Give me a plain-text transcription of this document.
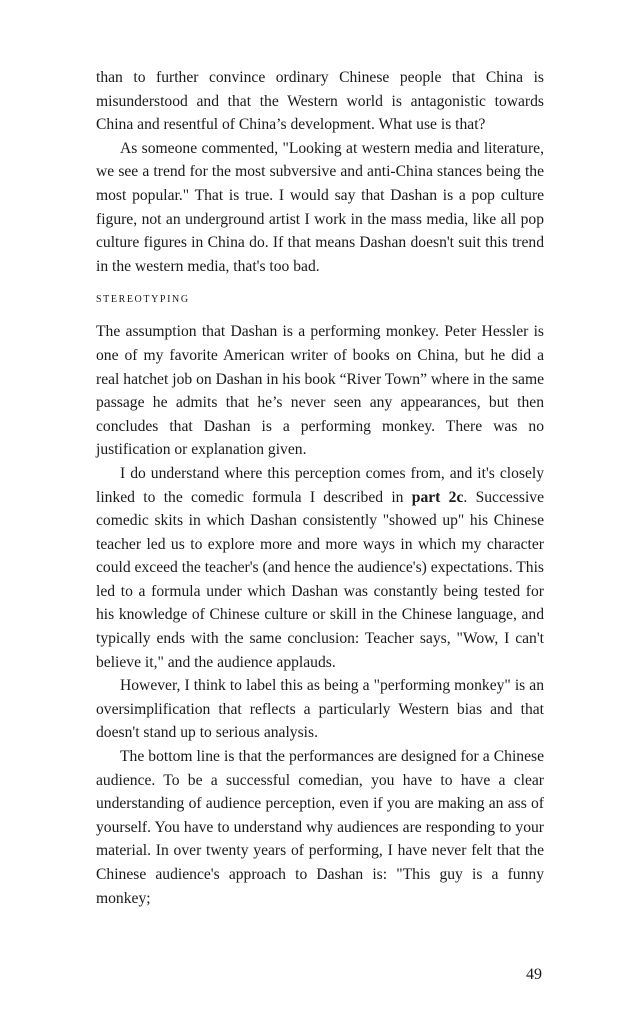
than to further convince ordinary Chinese people that China is misunderstood and that the Western world is antagonistic towards China and resentful of China’s development. What use is that?

As someone commented, "Looking at western media and literature, we see a trend for the most subversive and anti-China stances being the most popular." That is true. I would say that Dashan is a pop culture figure, not an underground artist I work in the mass media, like all pop culture figures in China do. If that means Dashan doesn't suit this trend in the western media, that's too bad.

stereotyping

The assumption that Dashan is a performing monkey. Peter Hessler is one of my favorite American writer of books on China, but he did a real hatchet job on Dashan in his book “River Town” where in the same passage he admits that he’s never seen any appearances, but then concludes that Dashan is a performing monkey. There was no justification or explanation given.

I do understand where this perception comes from, and it's closely linked to the comedic formula I described in part 2c. Successive comedic skits in which Dashan consistently "showed up" his Chinese teacher led us to explore more and more ways in which my character could exceed the teacher's (and hence the audience's) expectations. This led to a formula under which Dashan was constantly being tested for his knowledge of Chinese culture or skill in the Chinese language, and typically ends with the same conclusion: Teacher says, "Wow, I can't believe it," and the audience applauds.

However, I think to label this as being a "performing monkey" is an oversimplification that reflects a particularly Western bias and that doesn't stand up to serious analysis.

The bottom line is that the performances are designed for a Chinese audience. To be a successful comedian, you have to have a clear understanding of audience perception, even if you are making an ass of yourself. You have to understand why audiences are responding to your material. In over twenty years of performing, I have never felt that the Chinese audience's approach to Dashan is: "This guy is a funny monkey;

49
